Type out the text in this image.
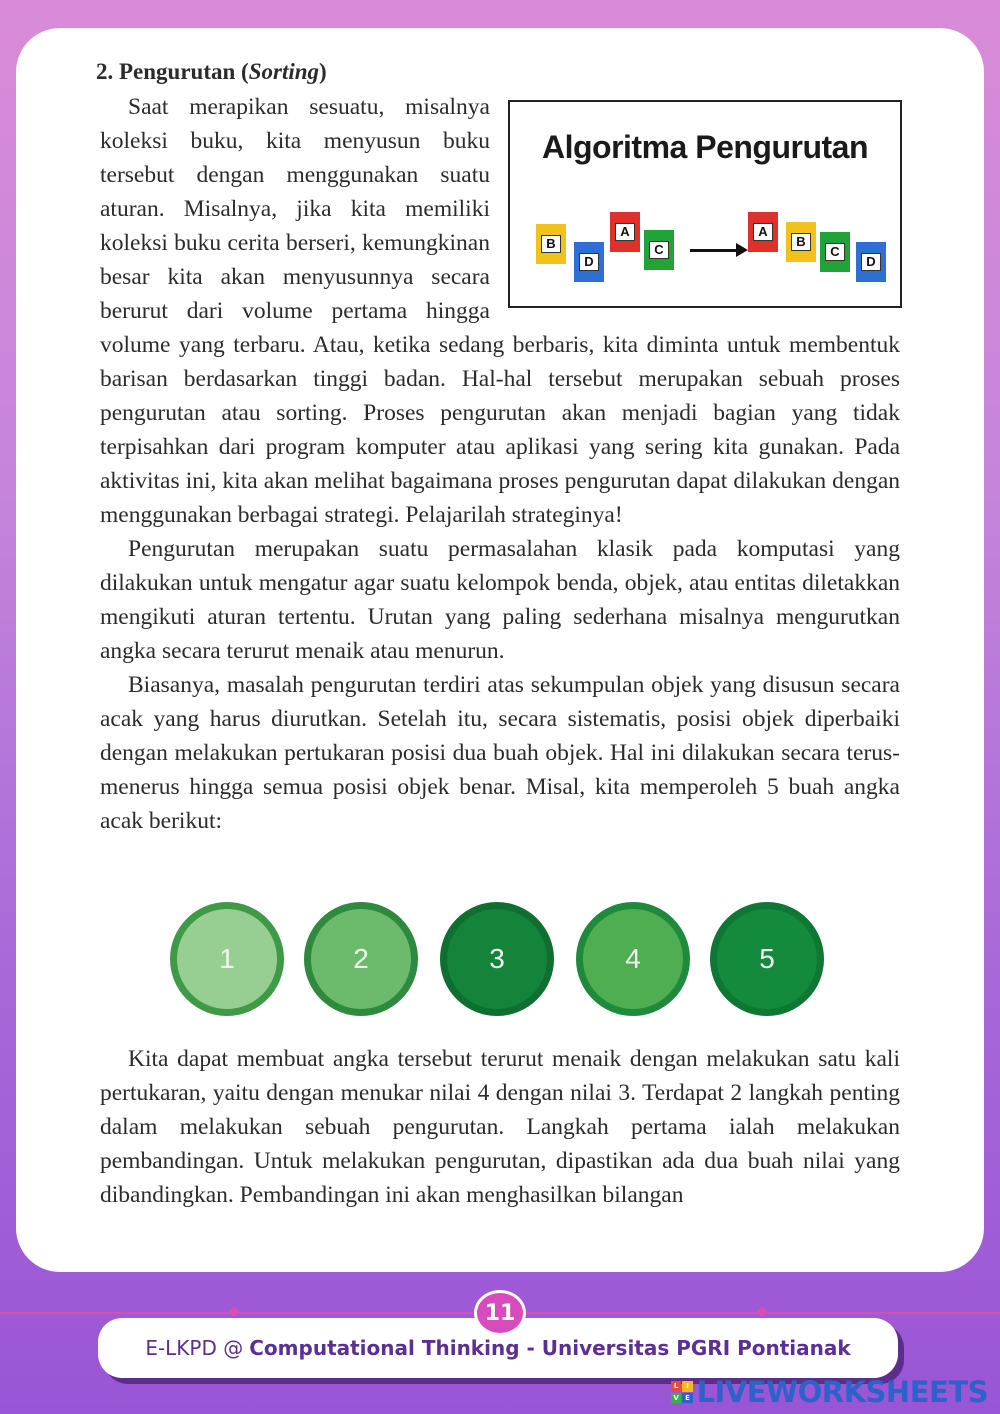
2. Pengurutan (Sorting)
Algoritma Pengurutan
B
D
A
C
A
B
C
D

Saat merapikan sesuatu, misalnya koleksi buku, kita menyusun buku tersebut dengan menggunakan suatu aturan. Misalnya, jika kita memiliki koleksi buku cerita berseri, kemungkinan besar kita akan menyusunnya secara berurut dari volume pertama hingga volume yang terbaru. Atau, ketika sedang berbaris, kita diminta untuk membentuk barisan berdasarkan tinggi badan. Hal-hal tersebut merupakan sebuah proses pengurutan atau sorting. Proses pengurutan akan menjadi bagian yang tidak terpisahkan dari program komputer atau aplikasi yang sering kita gunakan. Pada aktivitas ini, kita akan melihat bagaimana proses pengurutan dapat dilakukan dengan menggunakan berbagai strategi. Pelajarilah strateginya!

Pengurutan merupakan suatu permasalahan klasik pada komputasi yang dilakukan untuk mengatur agar suatu kelompok benda, objek, atau entitas diletakkan mengikuti aturan tertentu. Urutan yang paling sederhana misalnya mengurutkan angka secara terurut menaik atau menurun.

Biasanya, masalah pengurutan terdiri atas sekumpulan objek yang disusun secara acak yang harus diurutkan. Setelah itu, secara sistematis, posisi objek diperbaiki dengan melakukan pertukaran posisi dua buah objek. Hal ini dilakukan secara terus-menerus hingga semua posisi objek benar. Misal, kita memperoleh 5 buah angka acak berikut:

1	2	3	4	5

Kita dapat membuat angka tersebut terurut menaik dengan melakukan satu kali pertukaran, yaitu dengan menukar nilai 4 dengan nilai 3. Terdapat 2 langkah penting dalam melakukan sebuah pengurutan. Langkah pertama ialah melakukan pembandingan. Untuk melakukan pengurutan, dipastikan ada dua buah nilai yang dibandingkan. Pembandingan ini akan menghasilkan bilangan

E-LKPD @ Computational Thinking - Universitas PGRI Pontianak
11
L	I
V E LIVEWORKSHEETS
